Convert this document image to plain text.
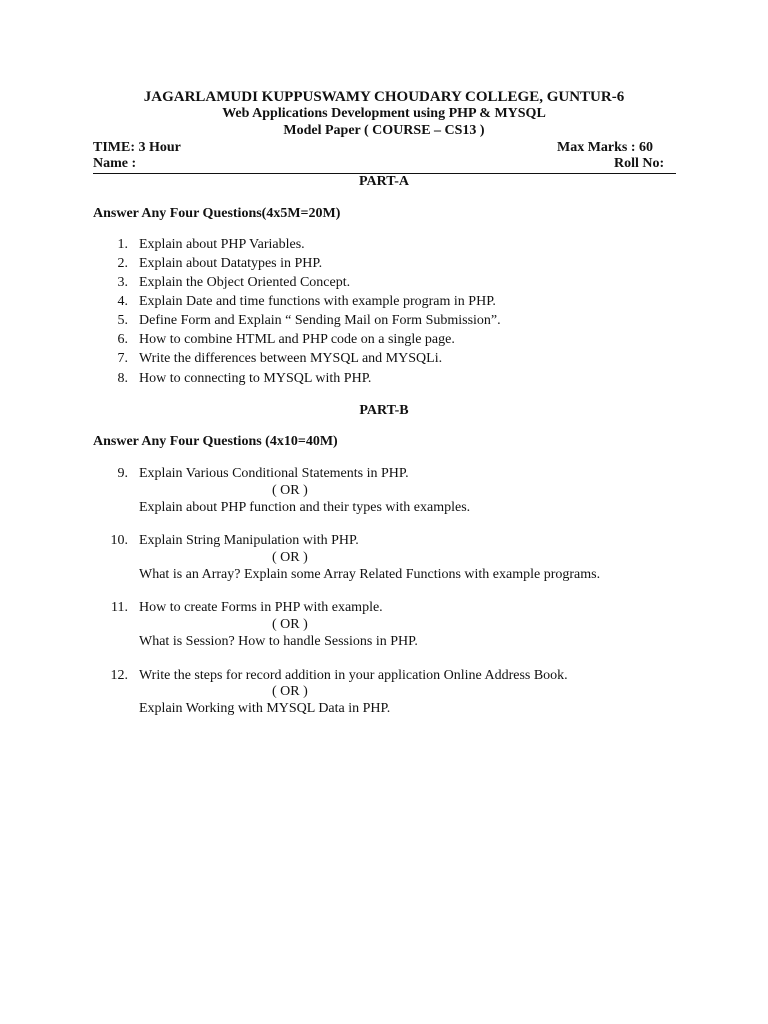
JAGARLAMUDI KUPPUSWAMY CHOUDARY COLLEGE, GUNTUR-6
Web Applications Development using PHP & MYSQL
Model Paper ( COURSE – CS13 )
TIME: 3 Hour	Max Marks : 60
Name :	Roll No:
PART-A
Answer Any Four Questions(4x5M=20M)
1. Explain about PHP Variables.
2. Explain about Datatypes in PHP.
3. Explain the Object Oriented Concept.
4. Explain Date and time functions with example program in PHP.
5. Define Form and Explain “ Sending Mail on Form Submission”.
6. How to combine HTML and PHP code on a single page.
7. Write the differences between MYSQL and MYSQLi.
8. How to connecting to MYSQL with PHP.
PART-B
Answer Any Four Questions (4x10=40M)
9. Explain Various Conditional Statements in PHP.
( OR )
Explain about PHP function and their types with examples.
10. Explain String Manipulation with PHP.
( OR )
What is an Array? Explain some Array Related Functions with example programs.
11. How to create Forms in PHP with example.
( OR )
What is Session? How to handle Sessions in PHP.
12. Write the steps for record addition in your application Online Address Book.
( OR )
Explain Working with MYSQL Data in PHP.
